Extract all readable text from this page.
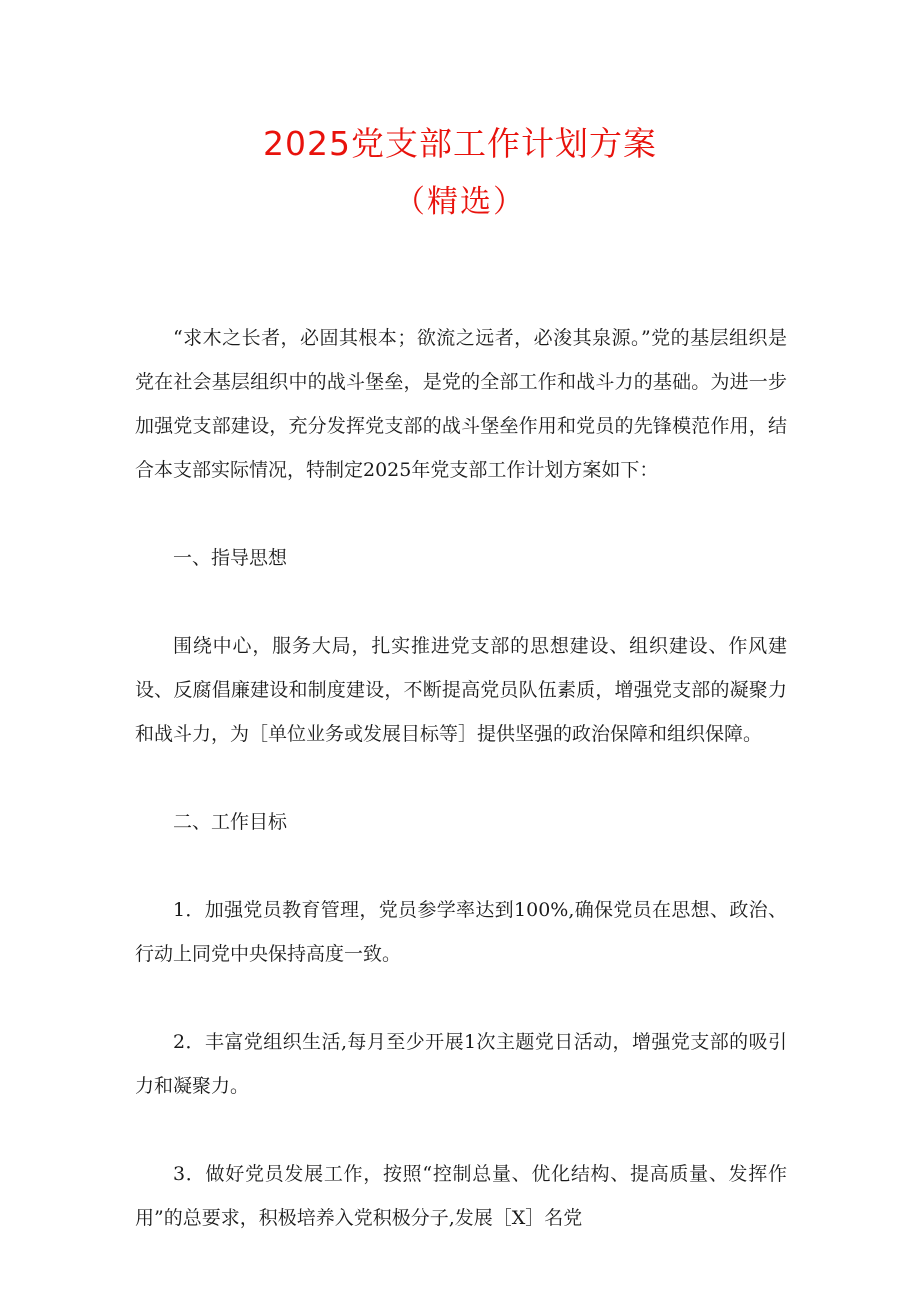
2025党支部工作计划方案
（精选）

“求木之长者，必固其根本；欲流之远者，必浚其泉源。”党的基层组织是党在社会基层组织中的战斗堡垒，是党的全部工作和战斗力的基础。为进一步加强党支部建设，充分发挥党支部的战斗堡垒作用和党员的先锋模范作用，结合本支部实际情况，特制定2025年党支部工作计划方案如下：

一、指导思想

围绕中心，服务大局，扎实推进党支部的思想建设、组织建设、作风建设、反腐倡廉建设和制度建设，不断提高党员队伍素质，增强党支部的凝聚力和战斗力，为［单位业务或发展目标等］提供坚强的政治保障和组织保障。

二、工作目标

1．加强党员教育管理，党员参学率达到100%,确保党员在思想、政治、行动上同党中央保持高度一致。

2．丰富党组织生活,每月至少开展1次主题党日活动，增强党支部的吸引力和凝聚力。

3．做好党员发展工作，按照“控制总量、优化结构、提高质量、发挥作用”的总要求，积极培养入党积极分子,发展［X］名党
